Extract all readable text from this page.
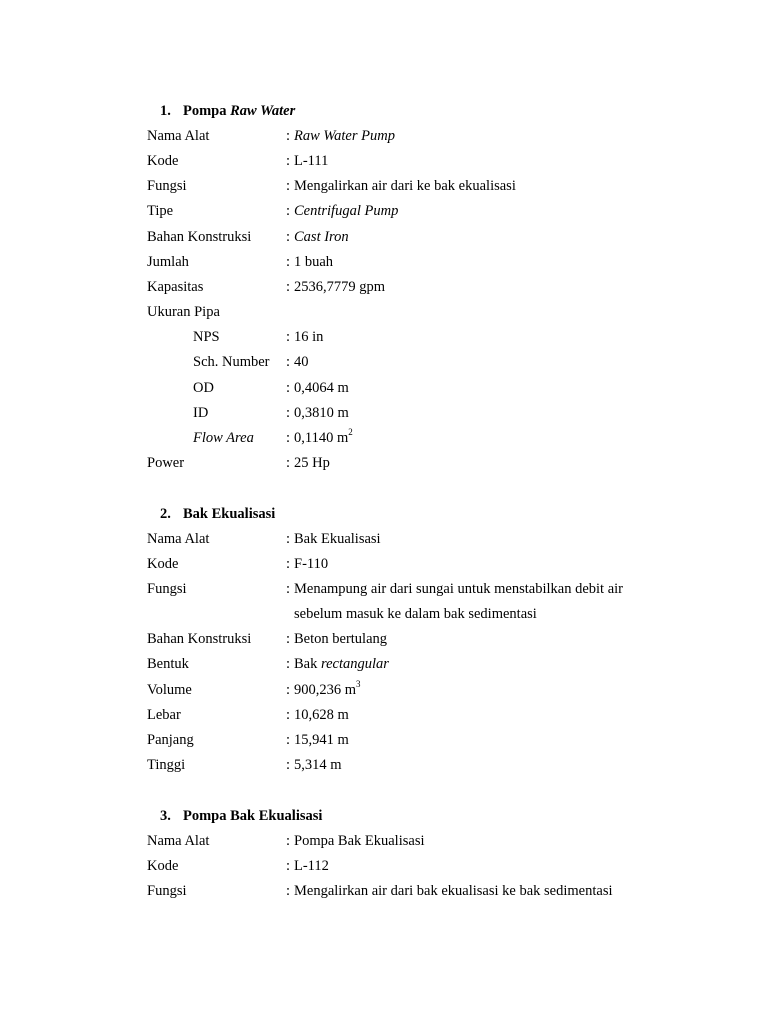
1. Pompa Raw Water
Nama Alat	: Raw Water Pump
Kode	: L-111
Fungsi	: Mengalirkan air dari ke bak ekualisasi
Tipe	: Centrifugal Pump
Bahan Konstruksi : Cast Iron
Jumlah	: 1 buah
Kapasitas	: 2536,7779 gpm
Ukuran Pipa
NPS	: 16 in
Sch. Number : 40
OD	: 0,4064 m
ID	: 0,3810 m
Flow Area : 0,1140 $m^2$
Power	: 25 Hp
2. Bak Ekualisasi
Nama Alat	: Bak Ekualisasi
Kode	: F-110
Fungsi	: Menampung air dari sungai untuk menstabilkan debit air
sebelum masuk ke dalam bak sedimentasi
Bahan Konstruksi : Beton bertulang
Bentuk	: Bak rectangular
Volume	: 900,236 $m^3$
Lebar	: 10,628 m
Panjang	: 15,941 m
Tinggi	: 5,314 m
3. Pompa Bak Ekualisasi
Nama Alat	: Pompa Bak Ekualisasi
Kode	: L-112
Fungsi	: Mengalirkan air dari bak ekualisasi ke bak sedimentasi
